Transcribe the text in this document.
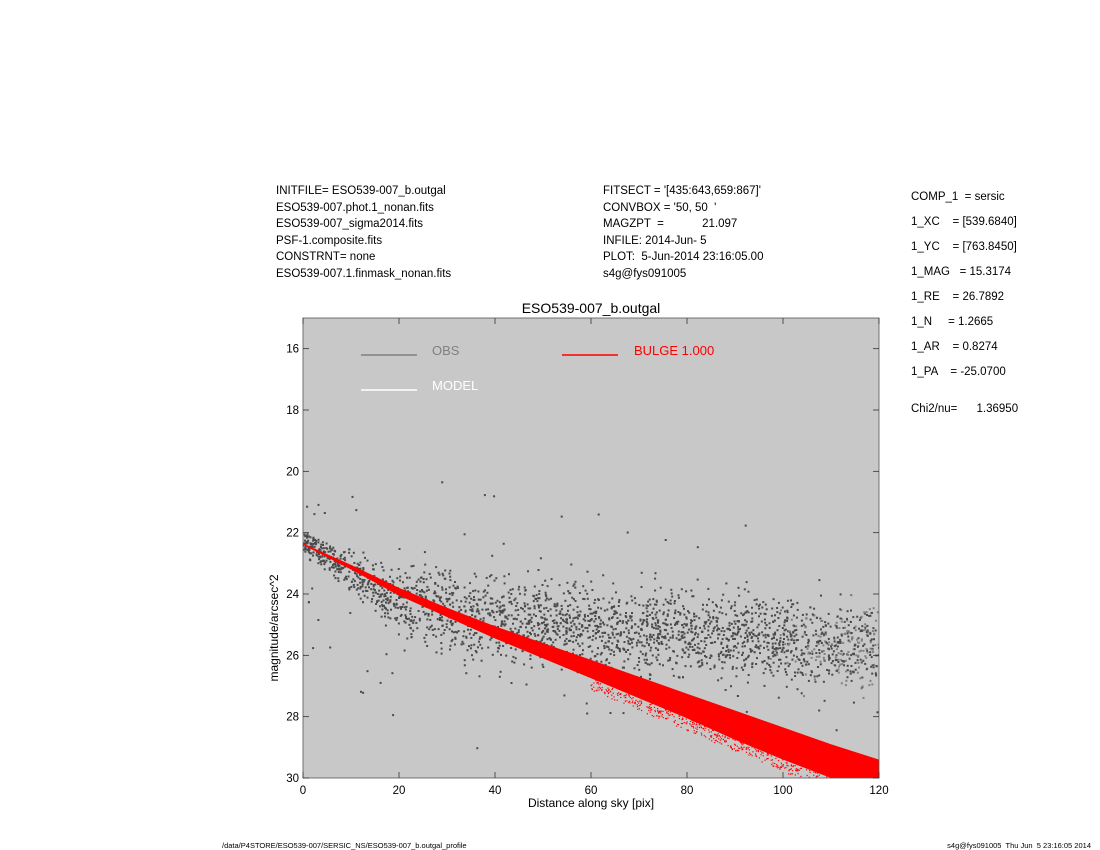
INITFILE= ESO539-007_b.outgal
ESO539-007.phot.1_nonan.fits
ESO539-007_sigma2014.fits
PSF-1.composite.fits
CONSTRNT= none
ESO539-007.1.finmask_nonan.fits
FITSECT = '[435:643,659:867]'
CONVBOX = '50, 50  '
MAGZPT  =            21.097
INFILE: 2014-Jun- 5
PLOT:  5-Jun-2014 23:16:05.00
s4g@fys091005
COMP_1  = sersic
1_XC    = [539.6840]
1_YC    = [763.8450]
1_MAG   = 15.3174
1_RE    = 26.7892
1_N     = 1.2665
1_AR    = 0.8274
1_PA    = -25.0700
Chi2/nu=      1.36950
0	20	40	60	80	100	120
16
18
20
22
24
26
28
30
OBS
MODEL
BULGE 1.000
ESO539-007_b.outgal
Distance along sky [pix]
magnitude/arcsec^2
/data/P4STORE/ESO539-007/SERSIC_NS/ESO539-007_b.outgal_profile	s4g@fys091005  Thu Jun  5 23:16:05 2014
